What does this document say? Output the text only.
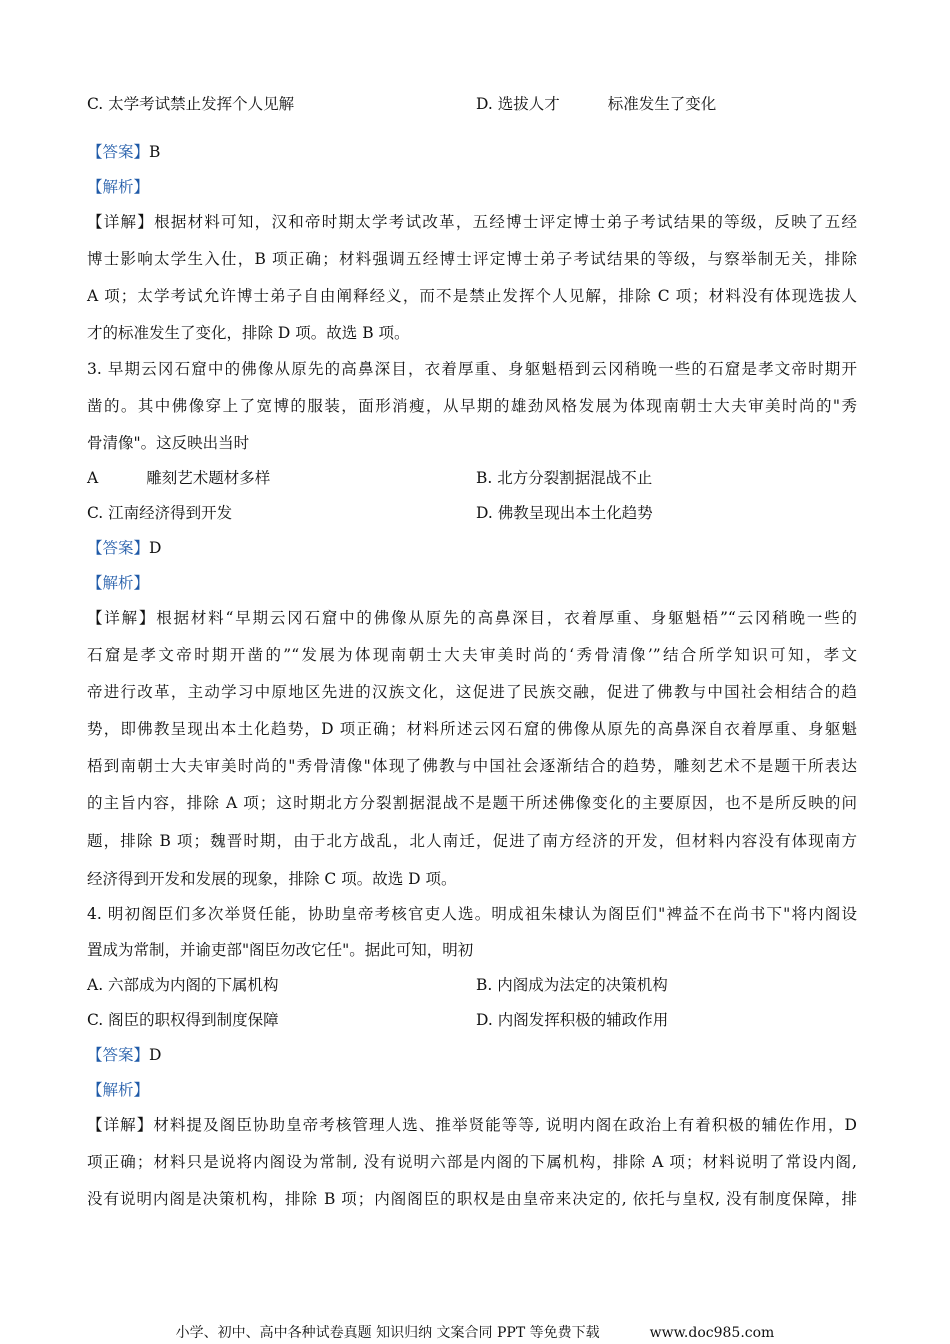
C. 太学考试禁止发挥个人见解	D. 选拔人才	标准发生了变化
【答案】B
【解析】
【详解】根据材料可知，汉和帝时期太学考试改革，五经博士评定博士弟子考试结果的等级，反映了五经
博士影响太学生入仕，B 项正确；材料强调五经博士评定博士弟子考试结果的等级，与察举制无关，排除
A 项；太学考试允许博士弟子自由阐释经义，而不是禁止发挥个人见解，排除 C 项；材料没有体现选拔人
才的标准发生了变化，排除 D 项。故选 B 项。
3. 早期云冈石窟中的佛像从原先的高鼻深目，衣着厚重、身躯魁梧到云冈稍晚一些的石窟是孝文帝时期开
凿的。其中佛像穿上了宽博的服装，面形消瘦，从早期的雄劲风格发展为体现南朝士大夫审美时尚的"秀
骨清像"。这反映出当时
A	雕刻艺术题材多样	B. 北方分裂割据混战不止
C. 江南经济得到开发	D. 佛教呈现出本土化趋势
【答案】D
【解析】
【详解】根据材料“早期云冈石窟中的佛像从原先的高鼻深目，衣着厚重、身躯魁梧”“云冈稍晚一些的
石窟是孝文帝时期开凿的”“发展为体现南朝士大夫审美时尚的‘秀骨清像’”结合所学知识可知，孝文
帝进行改革，主动学习中原地区先进的汉族文化，这促进了民族交融，促进了佛教与中国社会相结合的趋
势，即佛教呈现出本土化趋势，D 项正确；材料所述云冈石窟的佛像从原先的高鼻深自衣着厚重、身躯魁
梧到南朝士大夫审美时尚的"秀骨清像"体现了佛教与中国社会逐渐结合的趋势，雕刻艺术不是题干所表达
的主旨内容，排除 A 项；这时期北方分裂割据混战不是题干所述佛像变化的主要原因，也不是所反映的问
题，排除 B 项；魏晋时期，由于北方战乱，北人南迁，促进了南方经济的开发，但材料内容没有体现南方
经济得到开发和发展的现象，排除 C 项。故选 D 项。
4. 明初阁臣们多次举贤任能，协助皇帝考核官吏人选。明成祖朱棣认为阁臣们"裨益不在尚书下"将内阁设
置成为常制，并谕吏部"阁臣勿改它任"。据此可知，明初
A. 六部成为内阁的下属机构	B. 内阁成为法定的决策机构
C. 阁臣的职权得到制度保障	D. 内阁发挥积极的辅政作用
【答案】D
【解析】
【详解】材料提及阁臣协助皇帝考核管理人选、推举贤能等等, 说明内阁在政治上有着积极的辅佐作用，D
项正确；材料只是说将内阁设为常制, 没有说明六部是内阁的下属机构，排除 A 项；材料说明了常设内阁,
没有说明内阁是决策机构，排除 B 项；内阁阁臣的职权是由皇帝来决定的, 依托与皇权, 没有制度保障，排
小学、初中、高中各种试卷真题 知识归纳 文案合同 PPT 等免费下载	www.doc985.com
